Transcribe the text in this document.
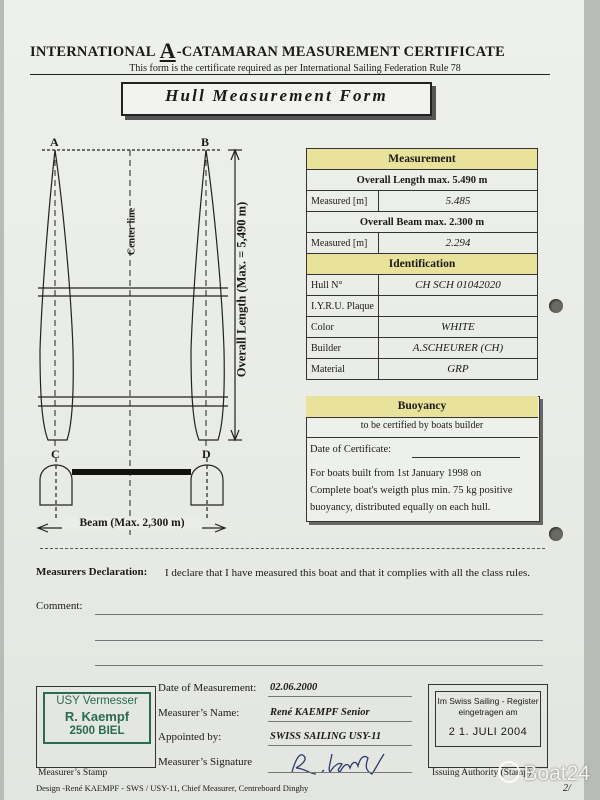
INTERNATIONAL A-CATAMARAN MEASUREMENT CERTIFICATE
This form is the certificate required as per International Sailing Federation Rule 78
Hull Measurement Form
A	B
C	D
Center line	Overall Length (Max. = 5,490 m)
Beam (Max. 2,300 m)
Measurement	
Overall Length max. 5.490 m	
Measured [m]	5.485
Overall Beam max. 2.300 m	
Measured [m]	2.294
Identification	
Hull N°	CH SCH 01042020
I.Y.R.U. Plaque	
Color	WHITE
Builder	A.SCHEURER (CH)
Material	GRP
Buoyancy
to be certified by boats builder
Date of Certificate:
For boats built from 1st January 1998 on
Complete boat's weigth plus min. 75 kg positive
buoyancy, distributed equally on each hull.
Measurers Declaration: I declare that I have measured this boat and that it complies with all the class rules.
Comment:
USY Vermesser
R. Kaempf
2500 BIEL
Measurer’s Stamp
Date of Measurement: 02.06.2000
Measurer’s Name:	René KAEMPF Senior
Appointed by:	SWISS SAILING USY-11
Measurer’s Signature
Im Swiss Sailing - Register
eingetragen am
2 1. JULI 2004
Issuing Authority (Stamp)
Design -René KAEMPF - SWS / USY-11, Chief Measurer, Centreboard Dinghy	2/
Boat24
